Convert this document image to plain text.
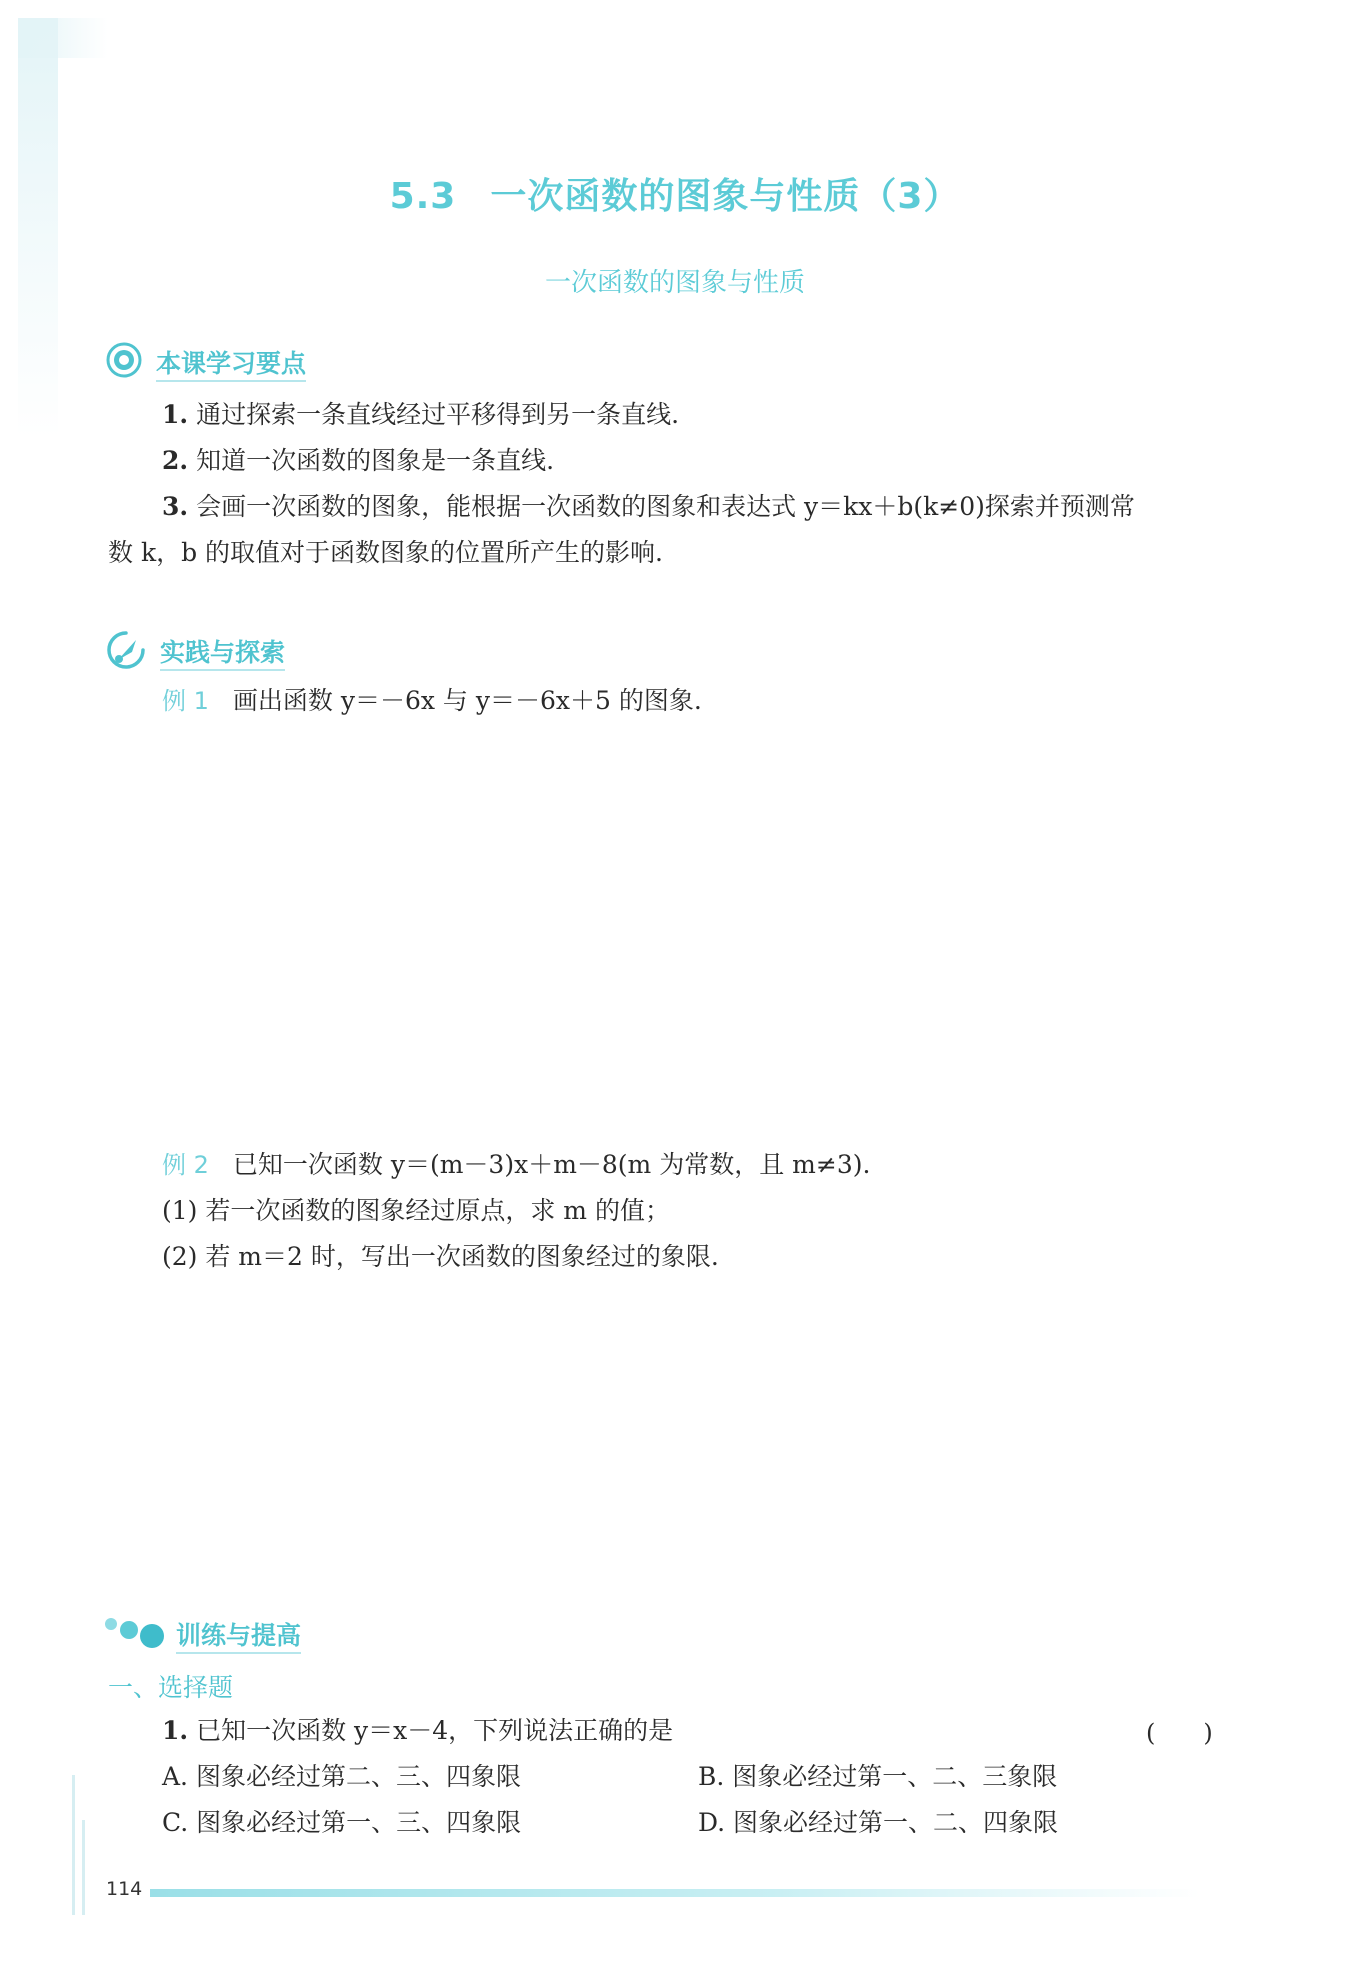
5.3 一次函数的图象与性质（3）
一次函数的图象与性质
本课学习要点
1. 通过探索一条直线经过平移得到另一条直线.
2. 知道一次函数的图象是一条直线.
3. 会画一次函数的图象，能根据一次函数的图象和表达式 y＝kx＋b(k≠0)探索并预测常
数 k，b 的取值对于函数图象的位置所产生的影响.
实践与探索
例 1 画出函数 y＝－6x 与 y＝－6x＋5 的图象.
例 2 已知一次函数 y＝(m－3)x＋m－8(m 为常数，且 m≠3).
(1) 若一次函数的图象经过原点，求 m 的值；
(2) 若 m＝2 时，写出一次函数的图象经过的象限.
训练与提高
一、选择题
1. 已知一次函数 y＝x－4，下列说法正确的是	(　　)
A. 图象必经过第二、三、四象限	B. 图象必经过第一、二、三象限
C. 图象必经过第一、三、四象限	D. 图象必经过第一、二、四象限
114
